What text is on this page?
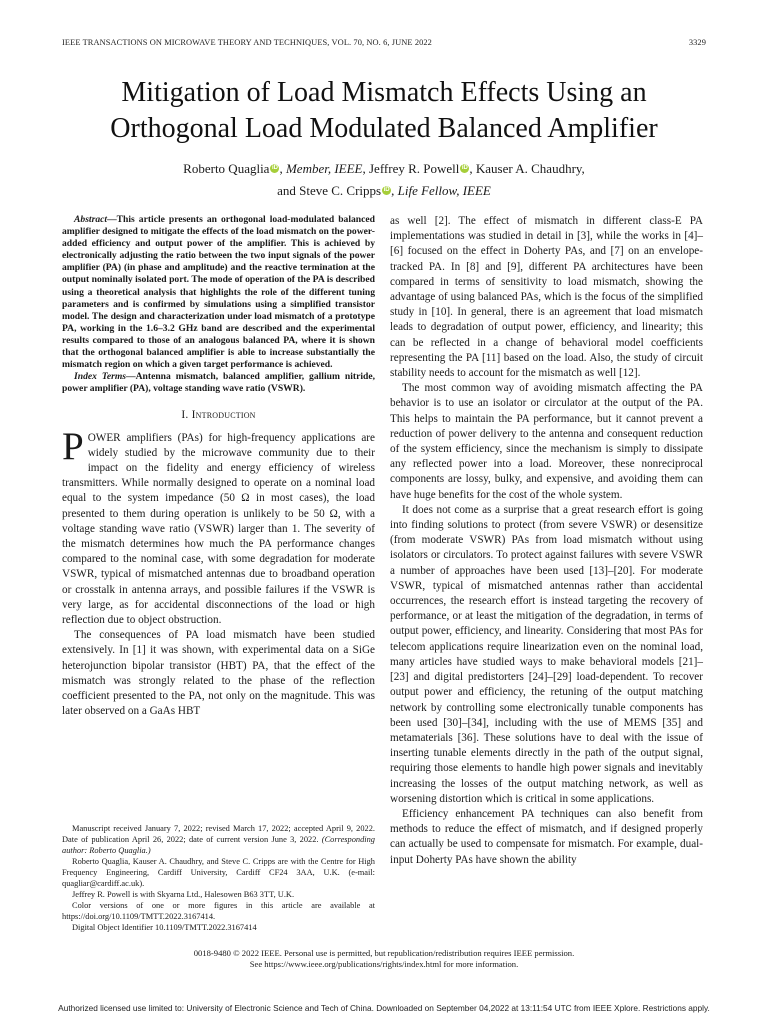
IEEE TRANSACTIONS ON MICROWAVE THEORY AND TECHNIQUES, VOL. 70, NO. 6, JUNE 2022	3329
Mitigation of Load Mismatch Effects Using an
Orthogonal Load Modulated Balanced Amplifier
Roberto Quaglia iD , Member, IEEE, Jeffrey R. Powell iD , Kauser A. Chaudhry,
and Steve C. Cripps iD , Life Fellow, IEEE

Abstract—This article presents an orthogonal load-modulated balanced amplifier designed to mitigate the effects of the load mismatch on the power-added efficiency and output power of the amplifier. This is achieved by electronically adjusting the ratio between the two input signals of the power amplifier (PA) (in phase and amplitude) and the reactive termination at the output nominally isolated port. The mode of operation of the PA is described using a theoretical analysis that highlights the role of the different tuning parameters and is confirmed by simulations using a simplified transistor model. The design and characterization under load mismatch of a prototype PA, working in the 1.6–3.2 GHz band are described and the experimental results compared to those of an analogous balanced PA, where it is shown that the orthogonal balanced amplifier is able to increase substantially the mismatch region on which a given target performance is achieved.

Index Terms—Antenna mismatch, balanced amplifier, gallium nitride, power amplifier (PA), voltage standing wave ratio (VSWR).

I. Introduction

POWER amplifiers (PAs) for high-frequency applications are widely studied by the microwave community due to their impact on the fidelity and energy efficiency of wireless transmitters. While normally designed to operate on a nominal load equal to the system impedance (50 Ω in most cases), the load presented to them during operation is unlikely to be 50 Ω, with a voltage standing wave ratio (VSWR) larger than 1. The severity of the mismatch determines how much the PA performance changes compared to the nominal case, with some degradation for moderate VSWR, typical of mismatched antennas due to broadband operation or crosstalk in antenna arrays, and possible failures if the VSWR is very large, as for accidental disconnections of the load or high reflection due to object obstruction.

The consequences of PA load mismatch have been studied extensively. In [1] it was shown, with experimental data on a SiGe heterojunction bipolar transistor (HBT) PA, that the effect of the mismatch was strongly related to the phase of the reflection coefficient presented to the PA, not only on the magnitude. This was later observed on a GaAs HBT

Manuscript received January 7, 2022; revised March 17, 2022; accepted April 9, 2022. Date of publication April 26, 2022; date of current version June 3, 2022. (Corresponding author: Roberto Quaglia.)

Roberto Quaglia, Kauser A. Chaudhry, and Steve C. Cripps are with the Centre for High Frequency Engineering, Cardiff University, Cardiff CF24 3AA, U.K. (e-mail: quagliar@cardiff.ac.uk).

Jeffrey R. Powell is with Skyarna Ltd., Halesowen B63 3TT, U.K.

Color versions of one or more figures in this article are available at https://doi.org/10.1109/TMTT.2022.3167414.

Digital Object Identifier 10.1109/TMTT.2022.3167414

as well [2]. The effect of mismatch in different class-E PA implementations was studied in detail in [3], while the works in [4]–[6] focused on the effect in Doherty PAs, and [7] on an envelope-tracked PA. In [8] and [9], different PA architectures have been compared in terms of sensitivity to load mismatch, showing the advantage of using balanced PAs, which is the focus of the simplified study in [10]. In general, there is an agreement that load mismatch leads to degradation of output power, efficiency, and linearity; this can be reflected in a change of behavioral model coefficients representing the PA [11] based on the load. Also, the study of circuit stability needs to account for the mismatch as well [12].

The most common way of avoiding mismatch affecting the PA behavior is to use an isolator or circulator at the output of the PA. This helps to maintain the PA performance, but it cannot prevent a reduction of power delivery to the antenna and consequent reduction of the system efficiency, since the mechanism is simply to dissipate any reflected power into a load. Moreover, these nonreciprocal components are lossy, bulky, and expensive, and avoiding them can have huge benefits for the cost of the whole system.

It does not come as a surprise that a great research effort is going into finding solutions to protect (from severe VSWR) or desensitize (from moderate VSWR) PAs from load mismatch without using isolators or circulators. To protect against failures with severe VSWR a number of approaches have been used [13]–[20]. For moderate VSWR, typical of mismatched antennas rather than accidental occurrences, the research effort is instead targeting the recovery of performance, or at least the mitigation of the degradation, in terms of output power, efficiency, and linearity. Considering that most PAs for telecom applications require linearization even on the nominal load, many articles have studied ways to make behavioral models [21]–[23] and digital predistorters [24]–[29] load-dependent. To recover output power and efficiency, the retuning of the output matching network by controlling some electronically tunable components has been used [30]–[34], including with the use of MEMS [35] and metamaterials [36]. These solutions have to deal with the issue of inserting tunable elements directly in the path of the output signal, requiring those elements to handle high power signals and inevitably increasing the losses of the output matching network, as well as worsening distortion which is critical in some applications.

Efficiency enhancement PA techniques can also benefit from methods to reduce the effect of mismatch, and if designed properly can actually be used to compensate for mismatch. For example, dual-input Doherty PAs have shown the ability

0018-9480 © 2022 IEEE. Personal use is permitted, but republication/redistribution requires IEEE permission.
See https://www.ieee.org/publications/rights/index.html for more information.
Authorized licensed use limited to: University of Electronic Science and Tech of China. Downloaded on September 04,2022 at 13:11:54 UTC from IEEE Xplore. Restrictions apply.
